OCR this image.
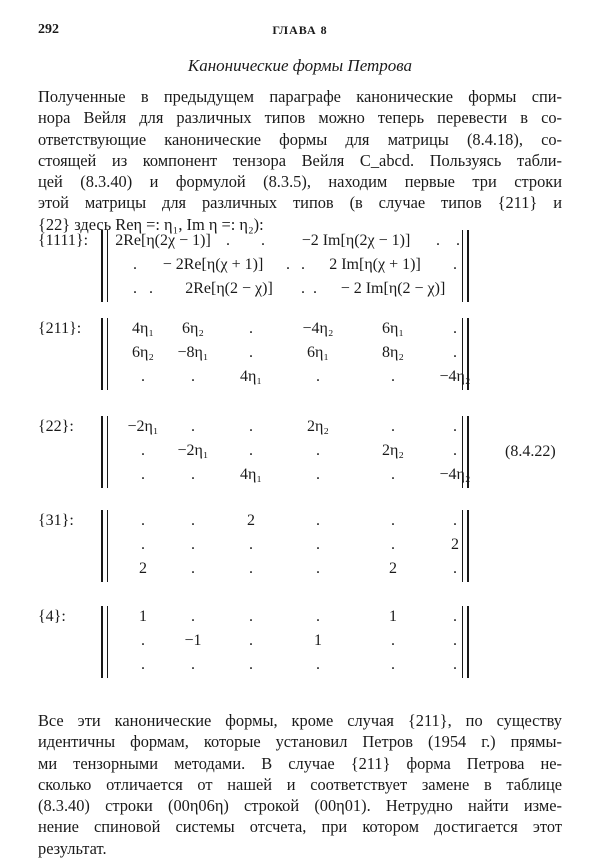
292	ГЛАВА 8
Канонические формы Петрова
Полученные в предыдущем параграфе канонические формы спи-
нора Вейля для различных типов можно теперь перевести в со-
ответствующие канонические формы для матрицы (8.4.18), со-
стоящей из компонент тензора Вейля C_abcd. Пользуясь табли-
цей (8.3.40) и формулой (8.3.5), находим первые три строки
этой матрицы для различных типов (в случае типов {211} и
{22} здесь Reη =: η₁, Im η =: η₂):
{1111}: 2Re[η(2χ − 1)] . . −2 Im[η(2χ − 1)] . .
. − 2Re[η(χ + 1)] . . 2 Im[η(χ + 1)] .
. . 2Re[η(2 − χ)] . . − 2 Im[η(2 − χ)]
{211}:	4η₁ 6η₂	.	−4η₂	6η₁	.
6η₂ −8η₁	.	6η₁	8η₂	.
.	.	4η₁	.	.	−4η₂
{22}:	−2η₁ .	.	2η₂	.	.
. −2η₁	.	.	2η₂	.
.	.	4η₁	.	.	−4η₂
{31}:	.	.	2	.	.	.
.	.	.	.	.	2
2	.	.	.	2	.
{4}:	1	.	.	.	1	.
. −1	.	1	.	.
.	.	.	.	.	.
(8.4.22)
Все эти канонические формы, кроме случая {211}, по существу
идентичны формам, которые установил Петров (1954 г.) прямы-
ми тензорными методами. В случае {211} форма Петрова не-
сколько отличается от нашей и соответствует замене в таблице
(8.3.40) строки (00η06η) строкой (00η01). Нетрудно найти изме-
нение спиновой системы отсчета, при котором достигается этот
результат.
